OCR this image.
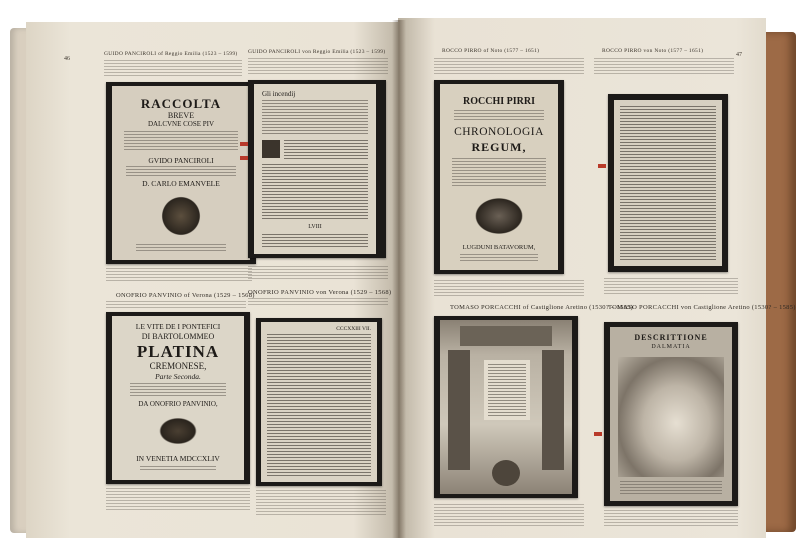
46
GUIDO PANCIROLI of Reggio Emilia (1523 – 1599) GUIDO PANCIROLI von Reggio Emilia (1523 – 1599)
RACCOLTA
BREVE
DALCVNE COSE PIV
GVIDO PANCIROLI
D. CARLO EMANVELE
Gli incendij
LVIII
ONOFRIO PANVINIO of Verona (1529 – 1568)
ONOFRIO PANVINIO von Verona (1529 – 1568)
LE VITE DE I PONTEFICI
DI BARTOLOMMEO
PLATINA
CREMONESE,
Parte Seconda.
DA ONOFRIO PANVINIO,
IN VENETIA MDCCXLIV
CCCXXIII VII.
ROCCO PIRRO of Noto (1577 – 1651)	ROCCO PIRRO von Noto (1577 – 1651)
47
ROCCHI PIRRI
CHRONOLOGIA
REGUM,
LUGDUNI BATAVORUM,
TOMASO PORCACCHI of Castiglione Aretino (1530? – 1585)
TOMASO PORCACCHI von Castiglione Aretino (1530? – 1585)
DESCRITTIONE
DALMATIA
